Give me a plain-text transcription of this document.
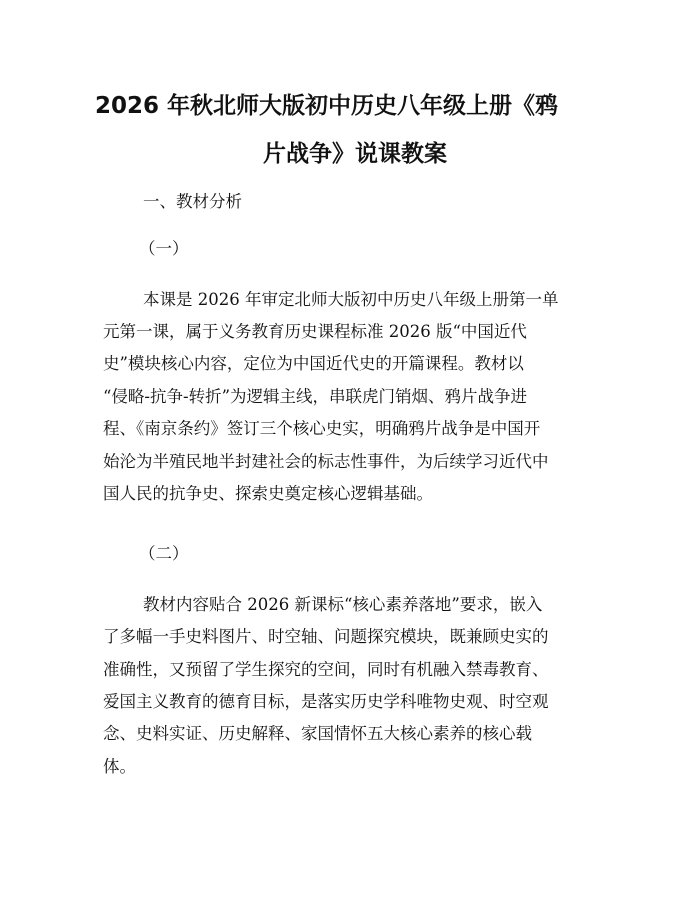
2026 年秋北师大版初中历史八年级上册《鸦
片战争》说课教案
一、教材分析
（一）
本课是 2026 年审定北师大版初中历史八年级上册第一单
元第一课，属于义务教育历史课程标准 2026 版“中国近代
史”模块核心内容，定位为中国近代史的开篇课程。教材以
“侵略-抗争-转折”为逻辑主线，串联虎门销烟、鸦片战争进
程、《南京条约》签订三个核心史实，明确鸦片战争是中国开
始沦为半殖民地半封建社会的标志性事件，为后续学习近代中
国人民的抗争史、探索史奠定核心逻辑基础。
（二）
教材内容贴合 2026 新课标“核心素养落地”要求，嵌入
了多幅一手史料图片、时空轴、问题探究模块，既兼顾史实的
准确性，又预留了学生探究的空间，同时有机融入禁毒教育、
爱国主义教育的德育目标，是落实历史学科唯物史观、时空观
念、史料实证、历史解释、家国情怀五大核心素养的核心载
体。
